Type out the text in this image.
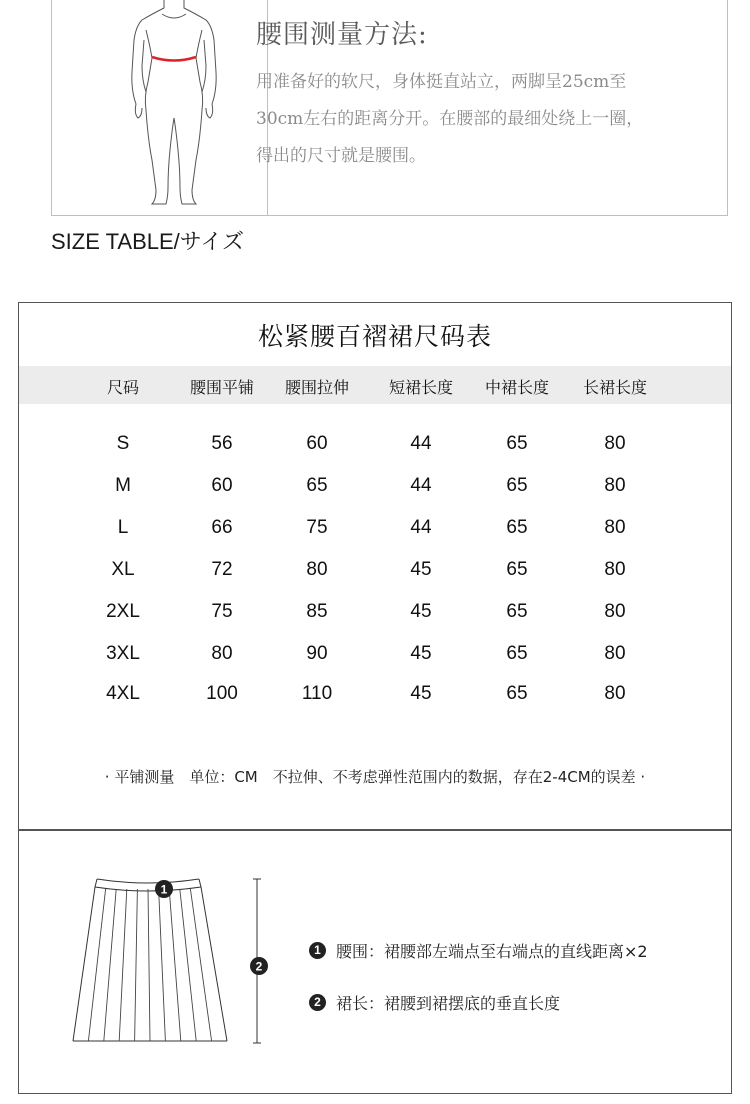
腰围测量方法:

用准备好的软尺，身体挺直站立，两脚呈25cm至30cm左右的距离分开。在腰部的最细处绕上一圈，得出的尺寸就是腰围。

SIZE TABLE/サイズ
松紧腰百褶裙尺码表
尺码	腰围平铺 腰围拉伸 短裙长度 中裙长度 长裙长度
S	56	60	44	65	80
M	60	65	44	65	80
L	66	75	44	65	80
XL	72	80	45	65	80
2XL	75	85	45	65	80
3XL	80	90	45	65	80
4XL	100	110	45	65	80
· 平铺测量　单位：CM　不拉伸、不考虑弹性范围内的数据，存在2-4CM的误差 ·
1
2
1 腰围：裙腰部左端点至右端点的直线距离×2
2 裙长：裙腰到裙摆底的垂直长度
